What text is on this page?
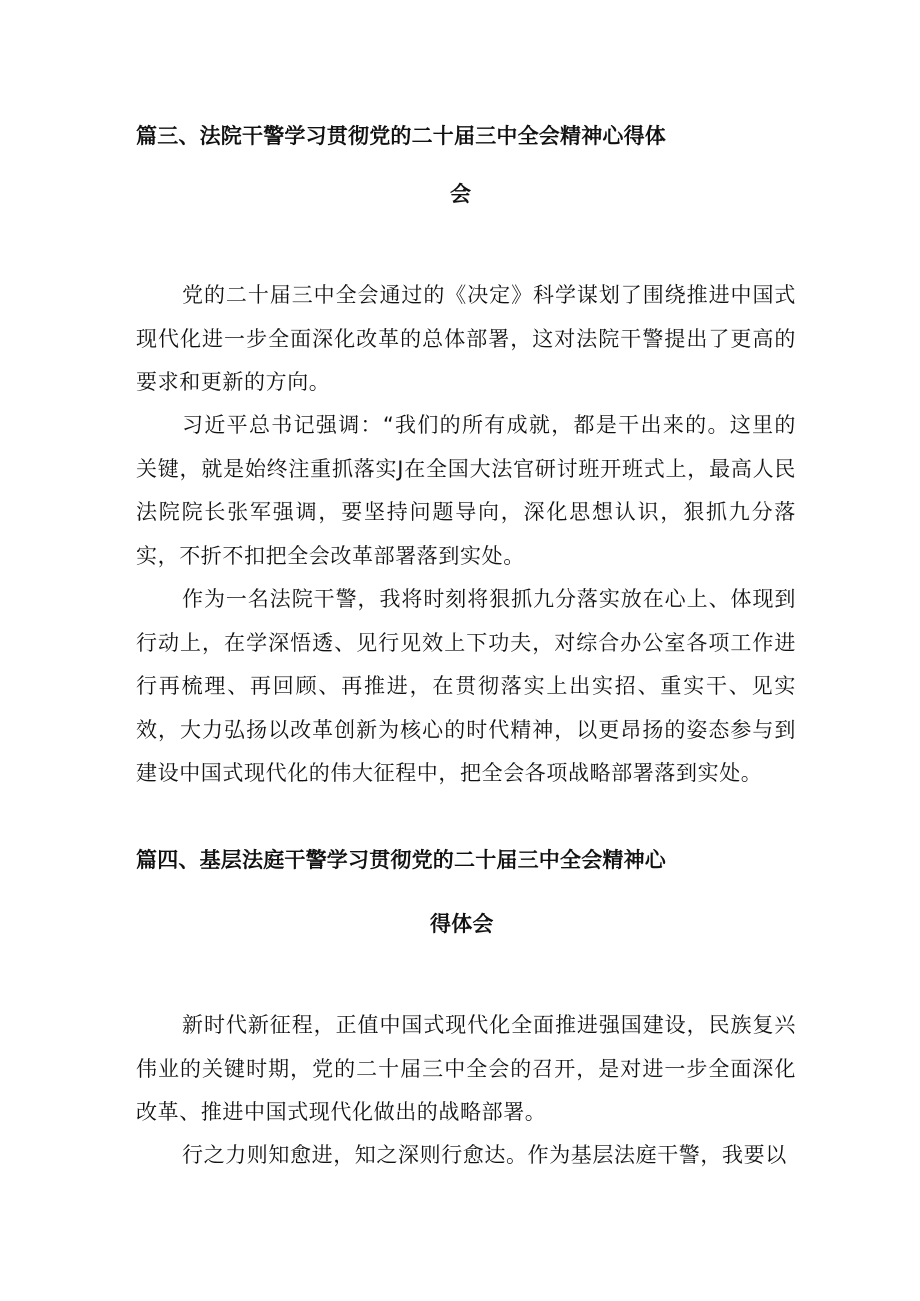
篇三、法院干警学习贯彻党的二十届三中全会精神心得体
会
党的二十届三中全会通过的《决定》科学谋划了围绕推进中国式现代化进一步全面深化改革的总体部署，这对法院干警提出了更高的要求和更新的方向。
习近平总书记强调：“我们的所有成就，都是干出来的。这里的关键，就是始终注重抓落实J在全国大法官研讨班开班式上，最高人民法院院长张军强调，要坚持问题导向，深化思想认识，狠抓九分落实，不折不扣把全会改革部署落到实处。
作为一名法院干警，我将时刻将狠抓九分落实放在心上、体现到行动上，在学深悟透、见行见效上下功夫，对综合办公室各项工作进行再梳理、再回顾、再推进，在贯彻落实上出实招、重实干、见实效，大力弘扬以改革创新为核心的时代精神，以更昂扬的姿态参与到建设中国式现代化的伟大征程中，把全会各项战略部署落到实处。
篇四、基层法庭干警学习贯彻党的二十届三中全会精神心
得体会
新时代新征程，正值中国式现代化全面推进强国建设，民族复兴伟业的关键时期，党的二十届三中全会的召开，是对进一步全面深化改革、推进中国式现代化做出的战略部署。
行之力则知愈进，知之深则行愈达。作为基层法庭干警，我要以
